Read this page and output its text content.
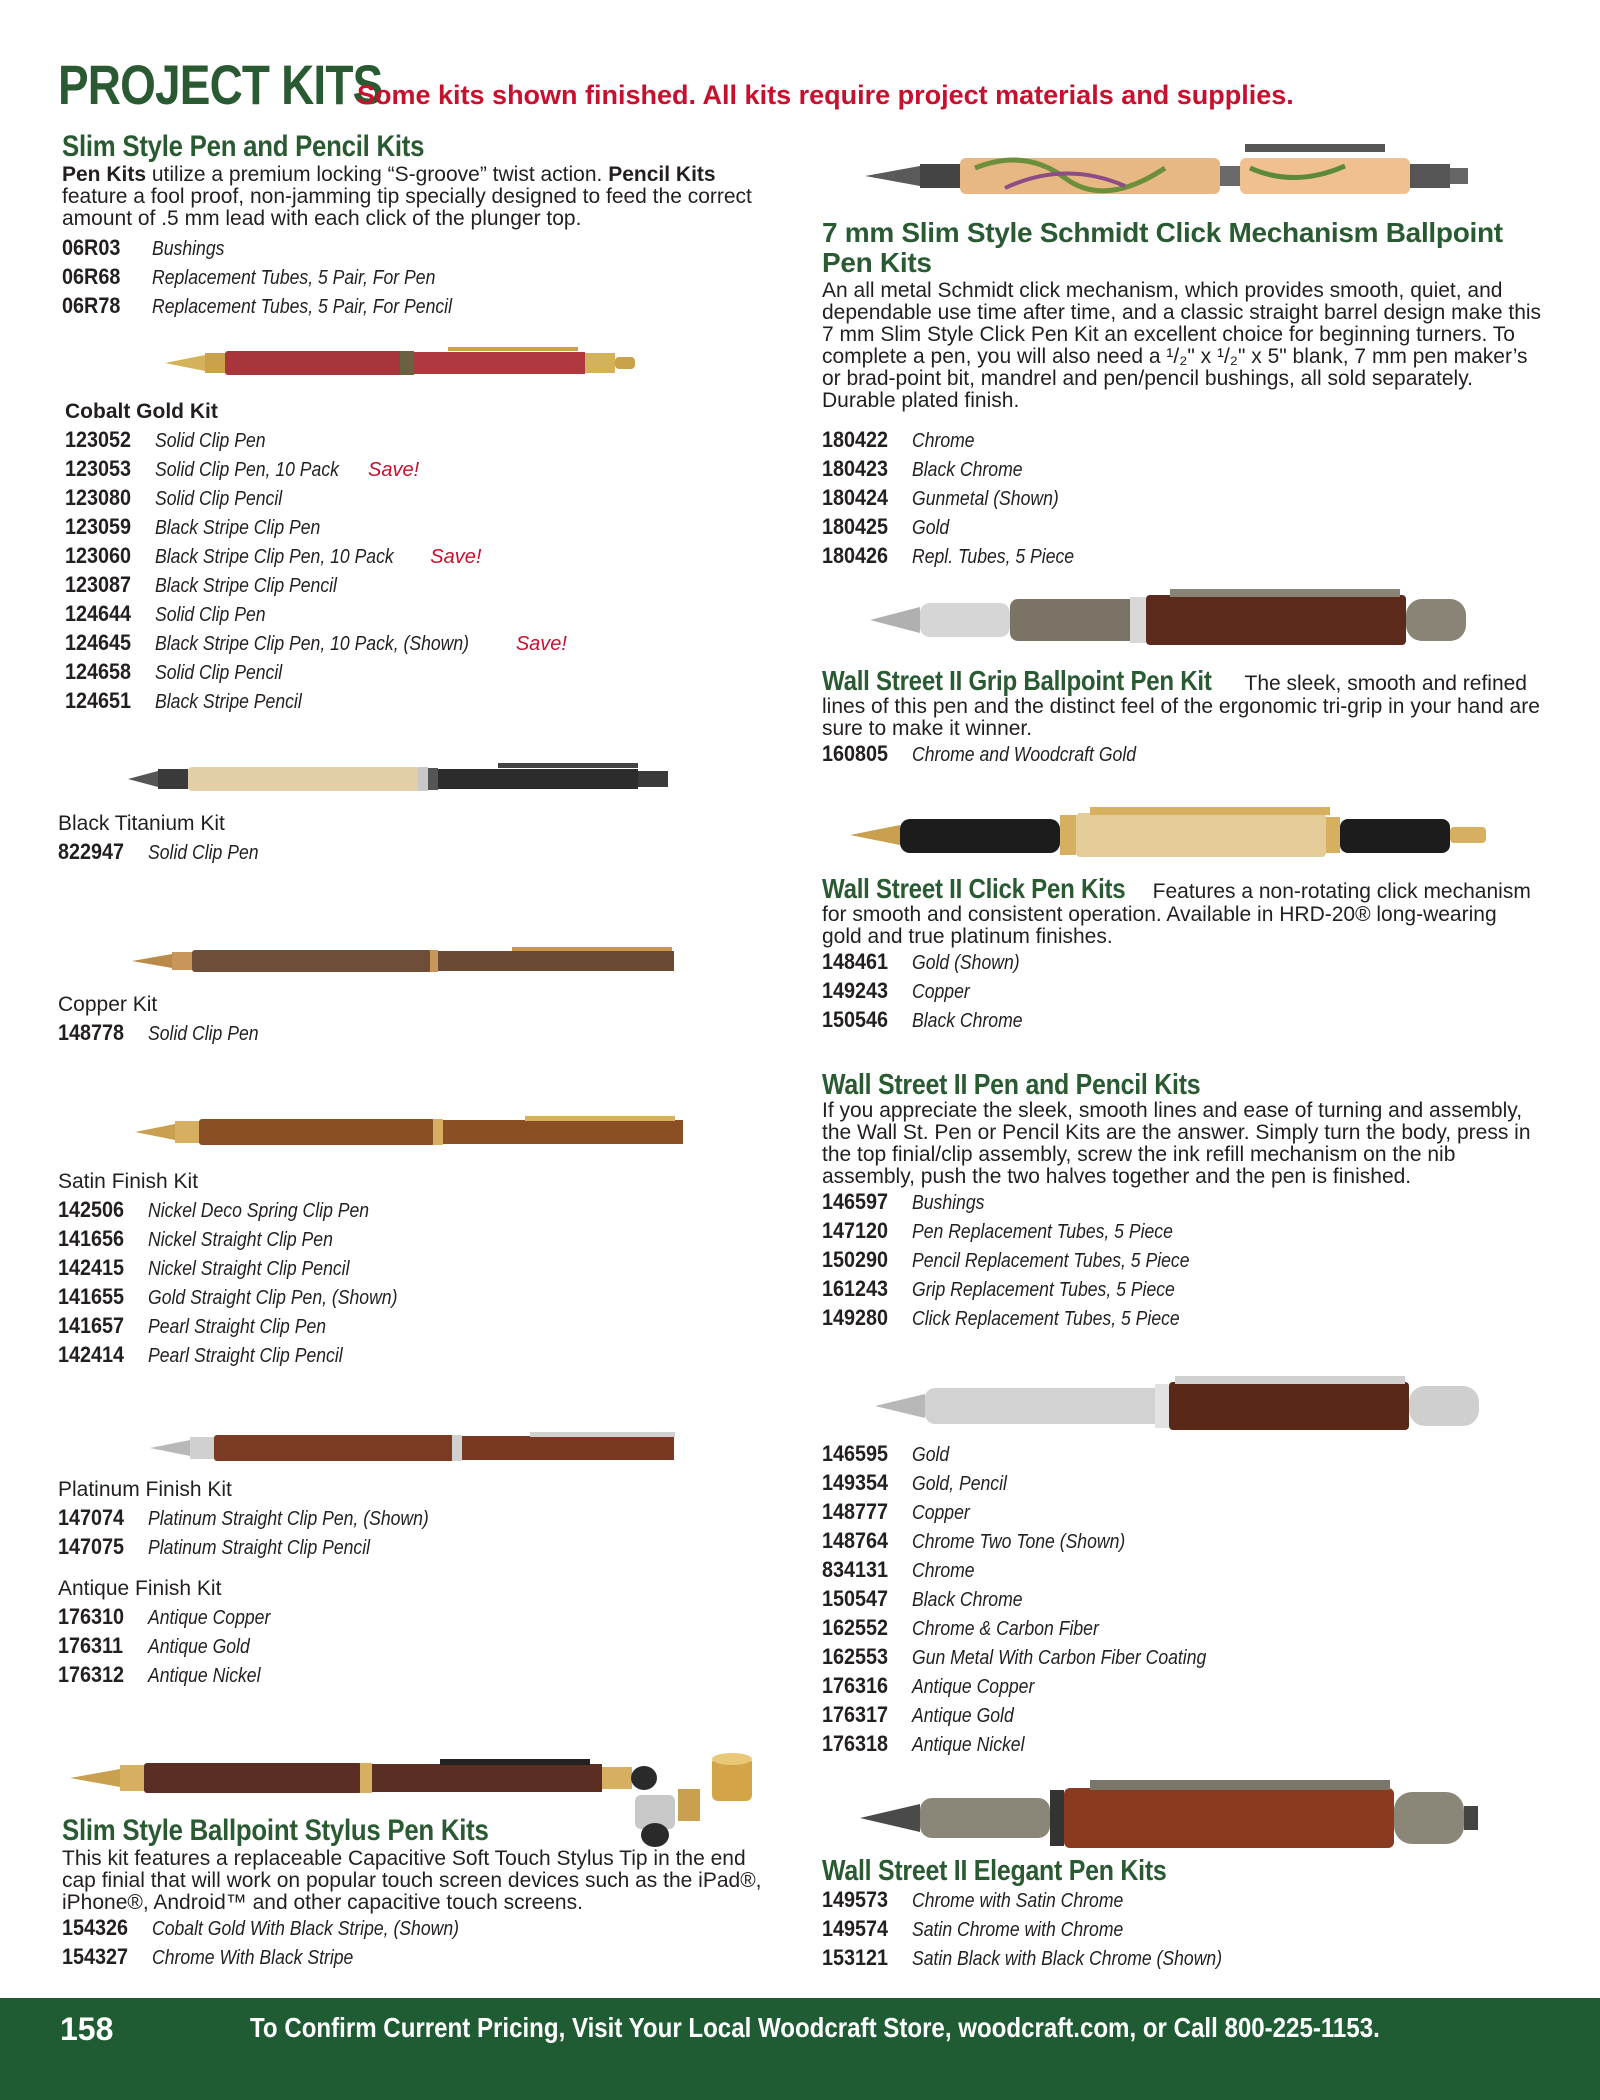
PROJECT KITS
Some kits shown finished. All kits require project materials and supplies.
Slim Style Pen and Pencil Kits
Pen Kits utilize a premium locking “S-groove” twist action. Pencil Kits feature a fool proof, non-jamming tip specially designed to feed the correct amount of .5 mm lead with each click of the plunger top.
06R03 Bushings
06R68 Replacement Tubes, 5 Pair, For Pen
06R78 Replacement Tubes, 5 Pair, For Pencil
Cobalt Gold Kit
123052 Solid Clip Pen
123053 Solid Clip Pen, 10 Pack Save!
123080 Solid Clip Pencil
123059 Black Stripe Clip Pen
123060 Black Stripe Clip Pen, 10 Pack Save!
123087 Black Stripe Clip Pencil
124644 Solid Clip Pen
124645 Black Stripe Clip Pen, 10 Pack, (Shown) Save!
124658 Solid Clip Pencil
124651 Black Stripe Pencil
Black Titanium Kit
822947 Solid Clip Pen
Copper Kit
148778 Solid Clip Pen
Satin Finish Kit
142506 Nickel Deco Spring Clip Pen
141656 Nickel Straight Clip Pen
142415 Nickel Straight Clip Pencil
141655 Gold Straight Clip Pen, (Shown)
141657 Pearl Straight Clip Pen
142414 Pearl Straight Clip Pencil
Platinum Finish Kit
147074 Platinum Straight Clip Pen, (Shown)
147075 Platinum Straight Clip Pencil
Antique Finish Kit
176310 Antique Copper
176311 Antique Gold
176312 Antique Nickel
Slim Style Ballpoint Stylus Pen Kits
This kit features a replaceable Capacitive Soft Touch Stylus Tip in the end cap finial that will work on popular touch screen devices such as the iPad®, iPhone®, Android™ and other capacitive touch screens.
154326 Cobalt Gold With Black Stripe, (Shown)
154327 Chrome With Black Stripe
7 mm Slim Style Schmidt Click Mechanism Ballpoint Pen Kits
An all metal Schmidt click mechanism, which provides smooth, quiet, and dependable use time after time, and a classic straight barrel design make this 7 mm Slim Style Click Pen Kit an excellent choice for beginning turners. To complete a pen, you will also need a ¹/₂" x ¹/₂" x 5" blank, 7 mm pen maker’s or brad-point bit, mandrel and pen/pencil bushings, all sold separately. Durable plated finish.
180422 Chrome
180423 Black Chrome
180424 Gunmetal (Shown)
180425 Gold
180426 Repl. Tubes, 5 Piece
Wall Street II Grip Ballpoint Pen Kit The sleek, smooth and refined lines of this pen and the distinct feel of the ergonomic tri-grip in your hand are sure to make it winner.
160805 Chrome and Woodcraft Gold
Wall Street II Click Pen Kits Features a non-rotating click mechanism for smooth and consistent operation. Available in HRD-20® long-wearing gold and true platinum finishes.
148461 Gold (Shown)
149243 Copper
150546 Black Chrome
Wall Street II Pen and Pencil Kits
If you appreciate the sleek, smooth lines and ease of turning and assembly, the Wall St. Pen or Pencil Kits are the answer. Simply turn the body, press in the top finial/clip assembly, screw the ink refill mechanism on the nib assembly, push the two halves together and the pen is finished.
146597 Bushings
147120 Pen Replacement Tubes, 5 Piece
150290 Pencil Replacement Tubes, 5 Piece
161243 Grip Replacement Tubes, 5 Piece
149280 Click Replacement Tubes, 5 Piece
146595 Gold
149354 Gold, Pencil
148777 Copper
148764 Chrome Two Tone (Shown)
834131 Chrome
150547 Black Chrome
162552 Chrome & Carbon Fiber
162553 Gun Metal With Carbon Fiber Coating
176316 Antique Copper
176317 Antique Gold
176318 Antique Nickel
Wall Street II Elegant Pen Kits
149573 Chrome with Satin Chrome
149574 Satin Chrome with Chrome
153121 Satin Black with Black Chrome (Shown)
158	To Confirm Current Pricing, Visit Your Local Woodcraft Store, woodcraft.com, or Call 800-225-1153.
